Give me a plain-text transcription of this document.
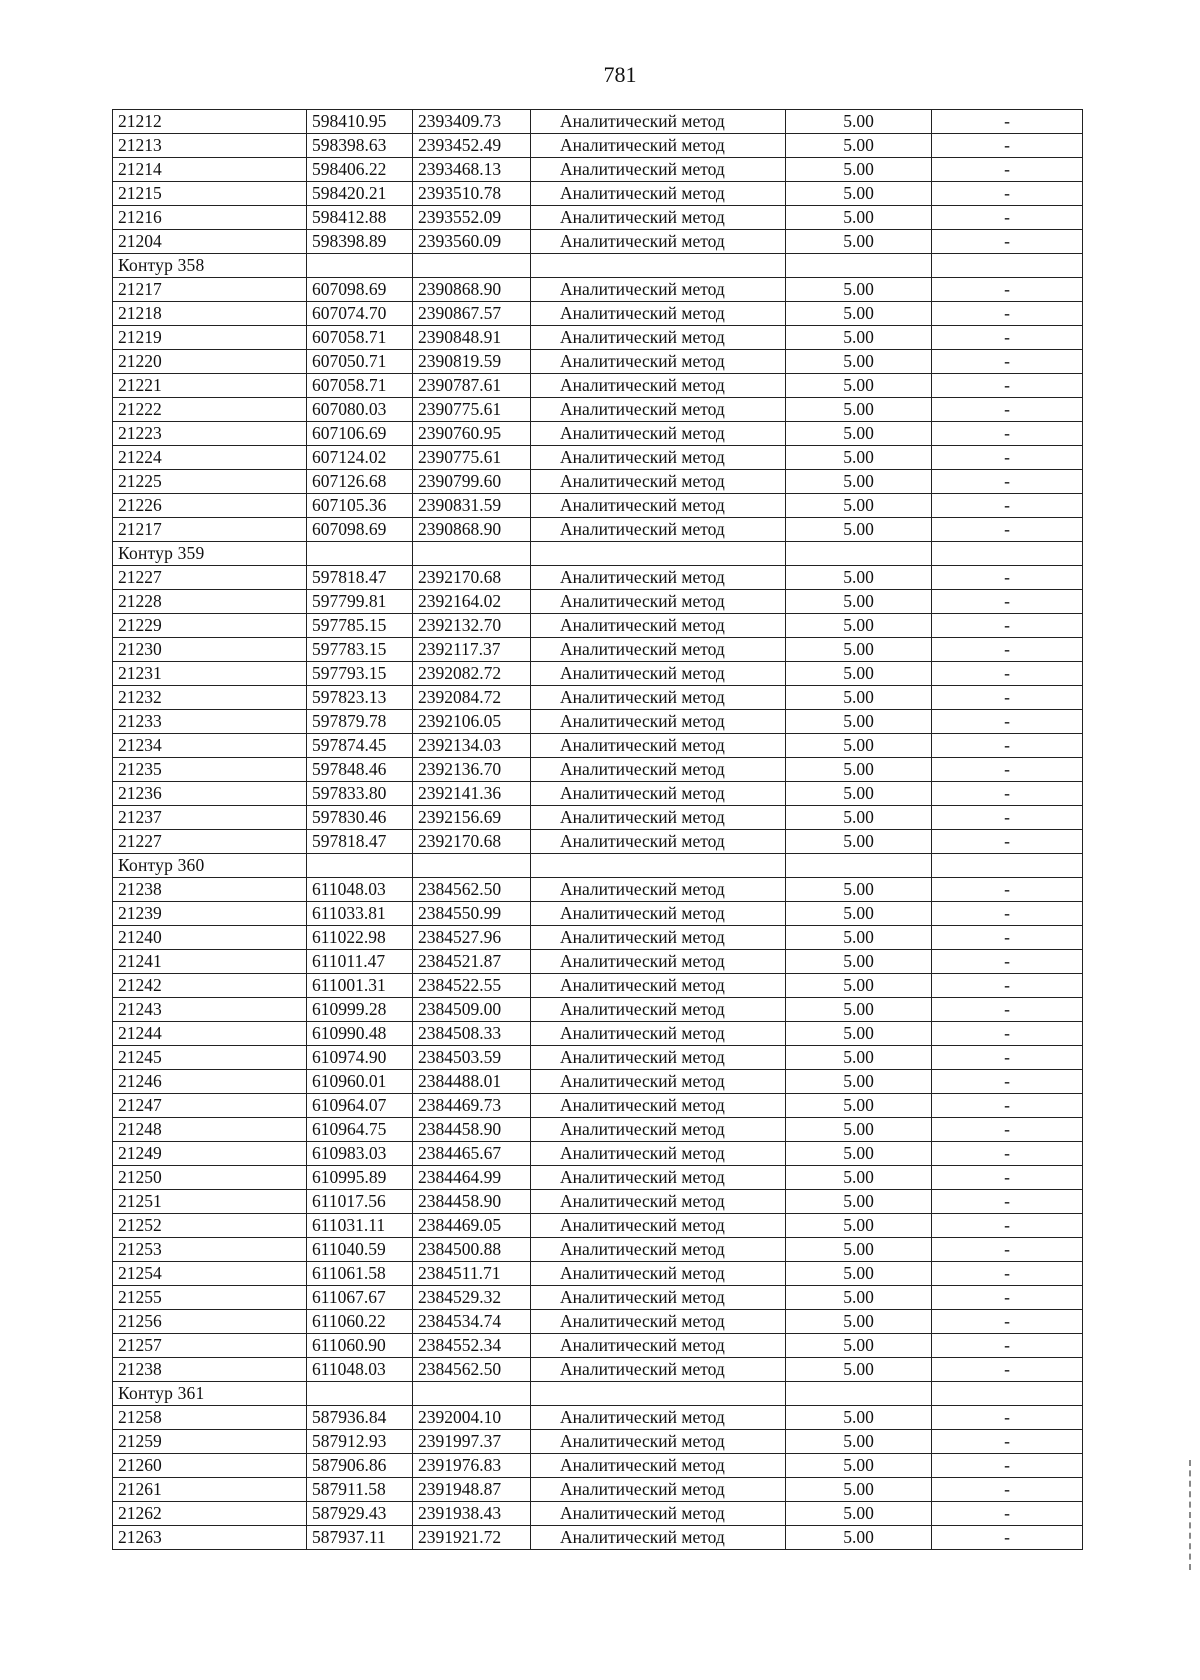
781
21212	598410.95	2393409.73	Аналитический метод	5.00	-
21213	598398.63	2393452.49	Аналитический метод	5.00	-
21214	598406.22	2393468.13	Аналитический метод	5.00	-
21215	598420.21	2393510.78	Аналитический метод	5.00	-
21216	598412.88	2393552.09	Аналитический метод	5.00	-
21204	598398.89	2393560.09	Аналитический метод	5.00	-
Контур 358					
21217	607098.69	2390868.90	Аналитический метод	5.00	-
21218	607074.70	2390867.57	Аналитический метод	5.00	-
21219	607058.71	2390848.91	Аналитический метод	5.00	-
21220	607050.71	2390819.59	Аналитический метод	5.00	-
21221	607058.71	2390787.61	Аналитический метод	5.00	-
21222	607080.03	2390775.61	Аналитический метод	5.00	-
21223	607106.69	2390760.95	Аналитический метод	5.00	-
21224	607124.02	2390775.61	Аналитический метод	5.00	-
21225	607126.68	2390799.60	Аналитический метод	5.00	-
21226	607105.36	2390831.59	Аналитический метод	5.00	-
21217	607098.69	2390868.90	Аналитический метод	5.00	-
Контур 359					
21227	597818.47	2392170.68	Аналитический метод	5.00	-
21228	597799.81	2392164.02	Аналитический метод	5.00	-
21229	597785.15	2392132.70	Аналитический метод	5.00	-
21230	597783.15	2392117.37	Аналитический метод	5.00	-
21231	597793.15	2392082.72	Аналитический метод	5.00	-
21232	597823.13	2392084.72	Аналитический метод	5.00	-
21233	597879.78	2392106.05	Аналитический метод	5.00	-
21234	597874.45	2392134.03	Аналитический метод	5.00	-
21235	597848.46	2392136.70	Аналитический метод	5.00	-
21236	597833.80	2392141.36	Аналитический метод	5.00	-
21237	597830.46	2392156.69	Аналитический метод	5.00	-
21227	597818.47	2392170.68	Аналитический метод	5.00	-
Контур 360					
21238	611048.03	2384562.50	Аналитический метод	5.00	-
21239	611033.81	2384550.99	Аналитический метод	5.00	-
21240	611022.98	2384527.96	Аналитический метод	5.00	-
21241	611011.47	2384521.87	Аналитический метод	5.00	-
21242	611001.31	2384522.55	Аналитический метод	5.00	-
21243	610999.28	2384509.00	Аналитический метод	5.00	-
21244	610990.48	2384508.33	Аналитический метод	5.00	-
21245	610974.90	2384503.59	Аналитический метод	5.00	-
21246	610960.01	2384488.01	Аналитический метод	5.00	-
21247	610964.07	2384469.73	Аналитический метод	5.00	-
21248	610964.75	2384458.90	Аналитический метод	5.00	-
21249	610983.03	2384465.67	Аналитический метод	5.00	-
21250	610995.89	2384464.99	Аналитический метод	5.00	-
21251	611017.56	2384458.90	Аналитический метод	5.00	-
21252	611031.11	2384469.05	Аналитический метод	5.00	-
21253	611040.59	2384500.88	Аналитический метод	5.00	-
21254	611061.58	2384511.71	Аналитический метод	5.00	-
21255	611067.67	2384529.32	Аналитический метод	5.00	-
21256	611060.22	2384534.74	Аналитический метод	5.00	-
21257	611060.90	2384552.34	Аналитический метод	5.00	-
21238	611048.03	2384562.50	Аналитический метод	5.00	-
Контур 361					
21258	587936.84	2392004.10	Аналитический метод	5.00	-
21259	587912.93	2391997.37	Аналитический метод	5.00	-
21260	587906.86	2391976.83	Аналитический метод	5.00	-
21261	587911.58	2391948.87	Аналитический метод	5.00	-
21262	587929.43	2391938.43	Аналитический метод	5.00	-
21263	587937.11	2391921.72	Аналитический метод	5.00	-
